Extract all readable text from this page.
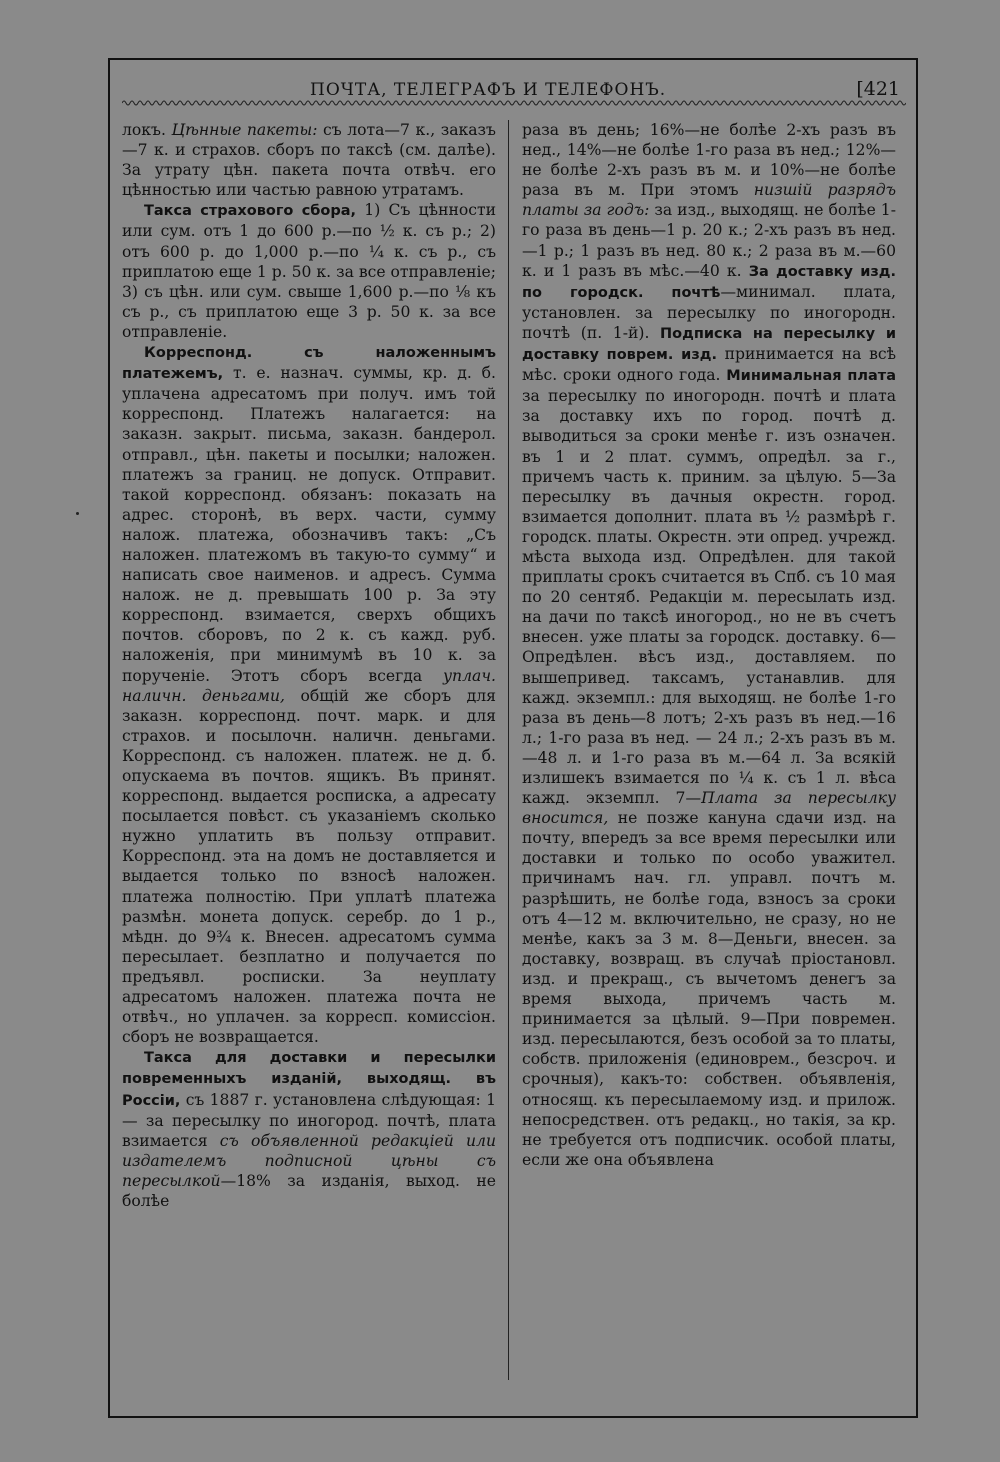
ПОЧТА, ТЕЛЕГРАФЪ И ТЕЛЕФОНЪ.	[421

локъ. Цѣнные пакеты: съ лота—7 к., заказъ—7 к. и страхов. сборъ по таксѣ (см. далѣе). За утрату цѣн. пакета почта отвѣч. его цѣнностью или частью равною утратамъ.

Такса страхового сбора, 1) Съ цѣнности или сум. отъ 1 до 600 р.—по ½ к. съ р.; 2) отъ 600 р. до 1,000 р.—по ¼ к. съ р., съ приплатою еще 1 р. 50 к. за все отправленіе; 3) съ цѣн. или сум. свыше 1,600 р.—по ⅛ къ съ р., съ приплатою еще 3 р. 50 к. за все отправленіе.

Корреспонд. съ наложеннымъ платежемъ, т. е. назнач. суммы, кр. д. б. уплачена адресатомъ при получ. имъ той корреспонд. Платежъ налагается: на заказн. закрыт. письма, заказн. бандерол. отправл., цѣн. пакеты и посылки; наложен. платежъ за границ. не допуск. Отправит. такой корреспонд. обязанъ: показать на адрес. сторонѣ, въ верх. части, сумму налож. платежа, обозначивъ такъ: „Съ наложен. платежомъ въ такую-то сумму“ и написать свое наименов. и адресъ. Сумма налож. не д. превышать 100 р. За эту корреспонд. взимается, сверхъ общихъ почтов. сборовъ, по 2 к. съ кажд. руб. наложенія, при минимумѣ въ 10 к. за порученіе. Этотъ сборъ всегда уплач. наличн. деньгами, общій же сборъ для заказн. корреспонд. почт. марк. и для страхов. и посылочн. наличн. деньгами. Корреспонд. съ наложен. платеж. не д. б. опускаема въ почтов. ящикъ. Въ принят. корреспонд. выдается росписка, а адресату посылается повѣст. съ указаніемъ сколько нужно уплатить въ пользу отправит. Корреспонд. эта на домъ не доставляется и выдается только по взносѣ наложен. платежа полностію. При уплатѣ платежа размѣн. монета допуск. серебр. до 1 р., мѣдн. до 9¾ к. Внесен. адресатомъ сумма пересылает. безплатно и получается по предъявл. росписки. За неуплату адресатомъ наложен. платежа почта не отвѣч., но уплачен. за корресп. комиссіон. сборъ не возвращается.

Такса для доставки и пересылки повременныхъ изданій, выходящ. въ Россіи, съ 1887 г. установлена слѣдующая: 1 — за пересылку по иногород. почтѣ, плата взимается съ объявленной редакціей или издателемъ подписной цѣны съ пересылкой—18% за изданія, выход. не болѣе

раза въ день; 16%—не болѣе 2-хъ разъ въ нед., 14%—не болѣе 1-го раза въ нед.; 12%—не болѣе 2-хъ разъ въ м. и 10%—не болѣе раза въ м. При этомъ низшій разрядъ платы за годъ: за изд., выходящ. не болѣе 1-го раза въ день—1 р. 20 к.; 2-хъ разъ въ нед.—1 р.; 1 разъ въ нед. 80 к.; 2 раза въ м.—60 к. и 1 разъ въ мѣс.—40 к. За доставку изд. по городск. почтѣ—минимал. плата, установлен. за пересылку по иногородн. почтѣ (п. 1-й). Подписка на пересылку и доставку поврем. изд. принимается на всѣ мѣс. сроки одного года. Минимальная плата за пересылку по иногородн. почтѣ и плата за доставку ихъ по город. почтѣ д. выводиться за сроки менѣе г. изъ означен. въ 1 и 2 плат. суммъ, опредѣл. за г., причемъ часть к. приним. за цѣлую. 5—За пересылку въ дачныя окрестн. город. взимается дополнит. плата въ ½ размѣрѣ г. городск. платы. Окрестн. эти опред. учрежд. мѣста выхода изд. Опредѣлен. для такой приплаты срокъ считается въ Спб. съ 10 мая по 20 сентяб. Редакціи м. пересылать изд. на дачи по таксѣ иногород., но не въ счетъ внесен. уже платы за городск. доставку. 6—Опредѣлен. вѣсъ изд., доставляем. по вышепривед. таксамъ, устанавлив. для кажд. экземпл.: для выходящ. не болѣе 1-го раза въ день—8 лотъ; 2-хъ разъ въ нед.—16 л.; 1-го раза въ нед. — 24 л.; 2-хъ разъ въ м.—48 л. и 1-го раза въ м.—64 л. За всякій излишекъ взимается по ¼ к. съ 1 л. вѣса кажд. экземпл. 7—Плата за пересылку вносится, не позже кануна сдачи изд. на почту, впередъ за все время пересылки или доставки и только по особо уважител. причинамъ нач. гл. управл. почтъ м. разрѣшить, не болѣе года, взносъ за сроки отъ 4—12 м. включительно, не сразу, но не менѣе, какъ за 3 м. 8—Деньги, внесен. за доставку, возвращ. въ случаѣ пріостановл. изд. и прекращ., съ вычетомъ денегъ за время выхода, причемъ часть м. принимается за цѣлый. 9—При повремен. изд. пересылаются, безъ особой за то платы, собств. приложенія (единоврем., безсроч. и срочныя), какъ-то: собствен. объявленія, относящ. къ пересылаемому изд. и прилож. непосредствен. отъ редакц., но такія, за кр. не требуется отъ подписчик. особой платы, если же она объявлена
